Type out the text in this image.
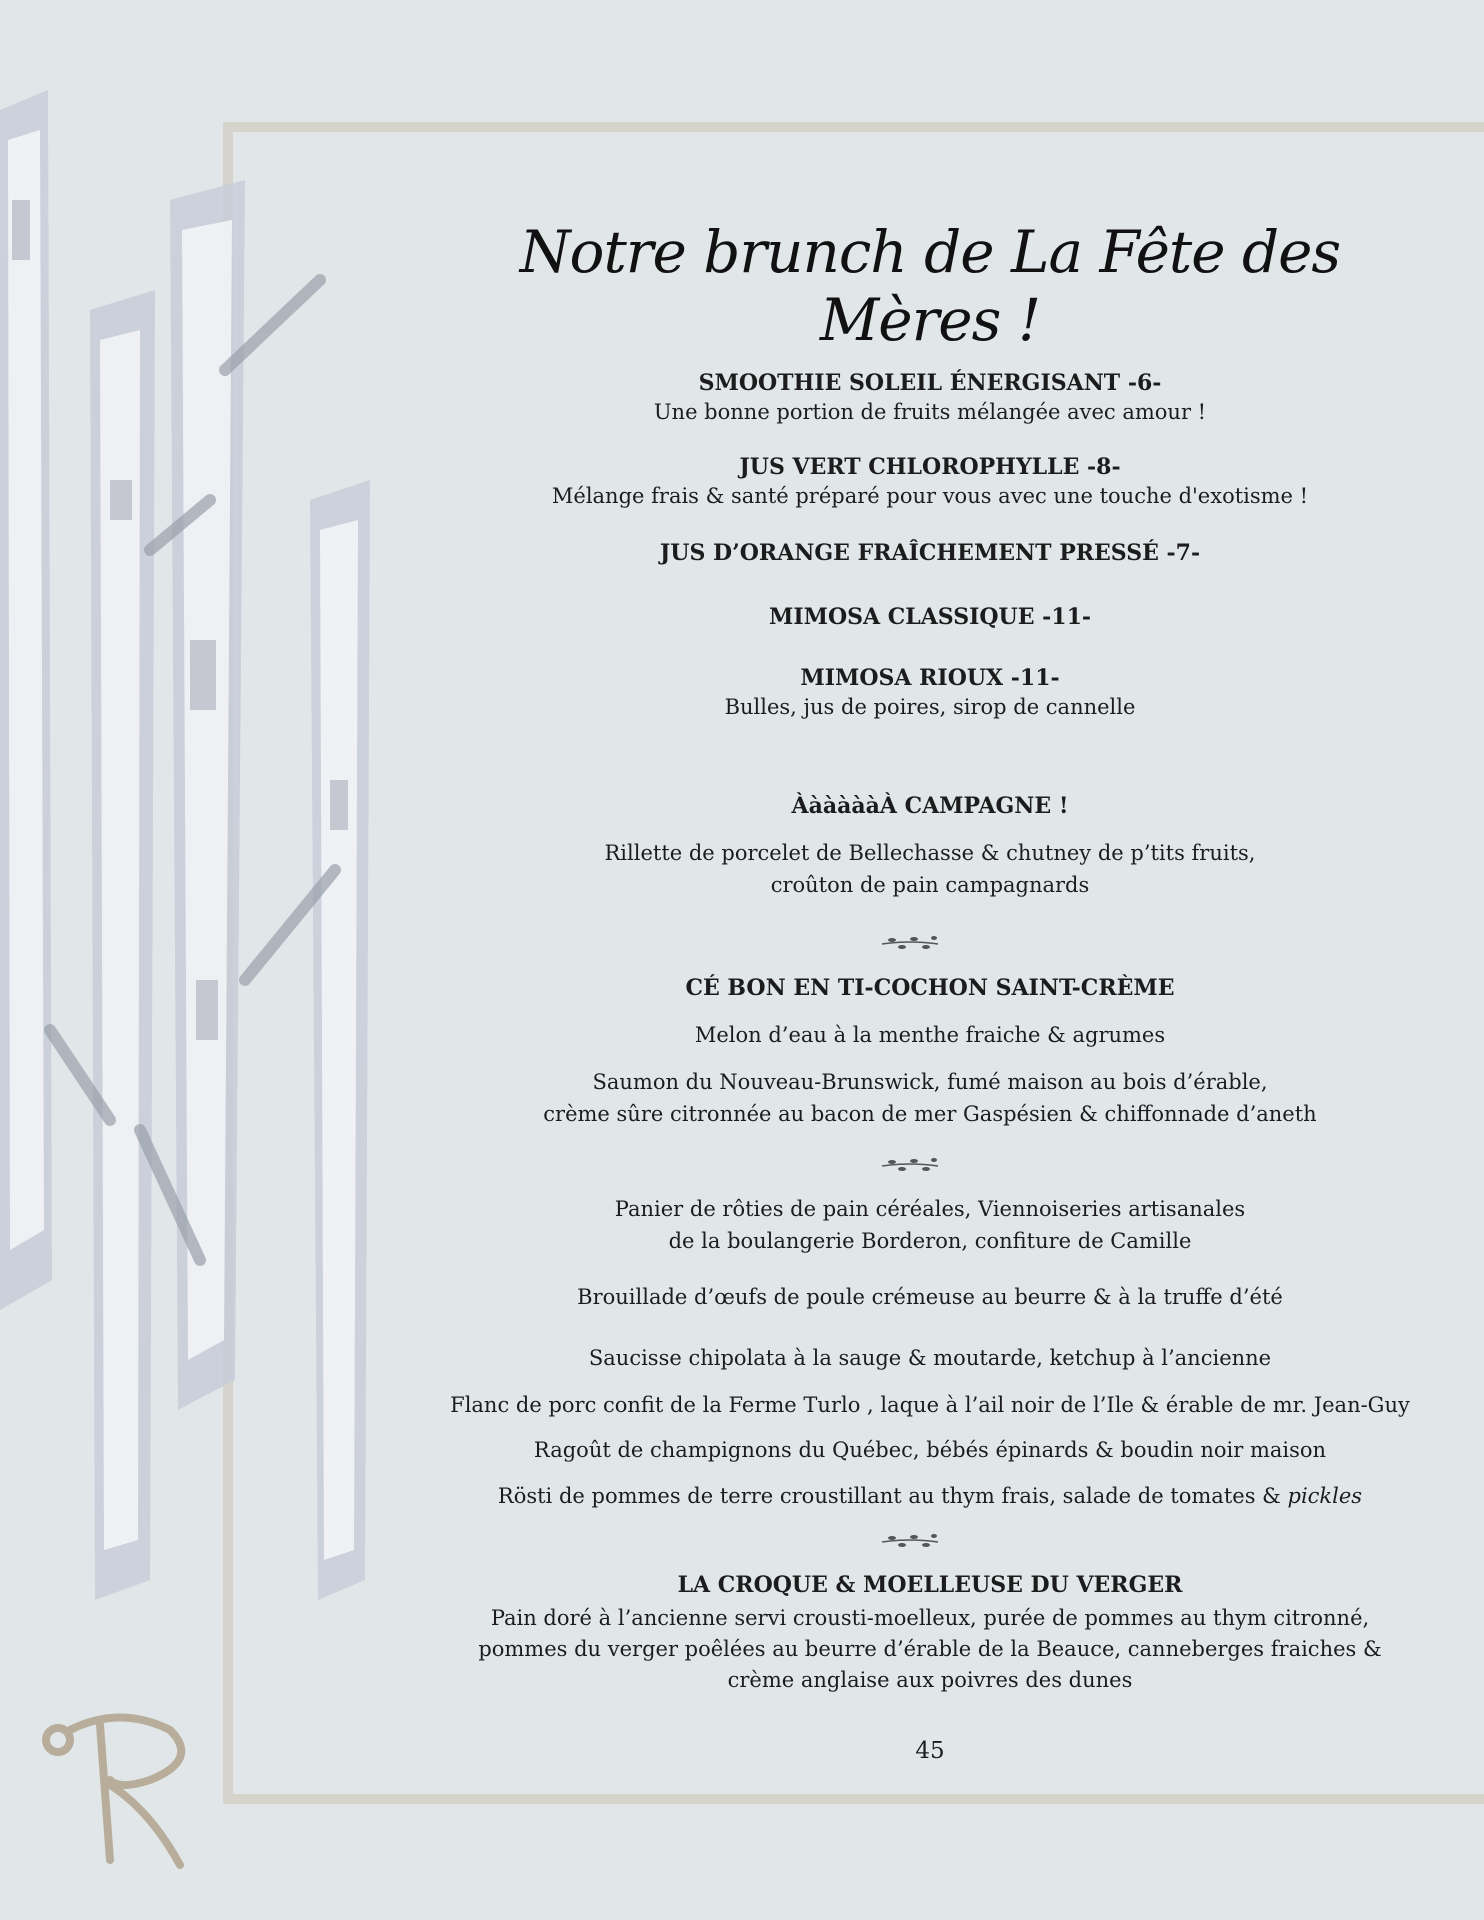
Notre brunch de La Fête des Mères !
SMOOTHIE SOLEIL ÉNERGISANT -6-
Une bonne portion de fruits mélangée avec amour !
JUS VERT CHLOROPHYLLE -8-
Mélange frais & santé préparé pour vous avec une touche d'exotisme !
JUS D’ORANGE FRAÎCHEMENT PRESSÉ -7-
MIMOSA CLASSIQUE -11-
MIMOSA RIOUX -11-
Bulles, jus de poires, sirop de cannelle
ÀàààààÀ CAMPAGNE !
Rillette de porcelet de Bellechasse & chutney de p’tits fruits,
croûton de pain campagnards
CÉ BON EN TI-COCHON SAINT-CRÈME
Melon d’eau à la menthe fraiche & agrumes
Saumon du Nouveau-Brunswick, fumé maison au bois d’érable,
crème sûre citronnée au bacon de mer Gaspésien & chiffonnade d’aneth
Panier de rôties de pain céréales, Viennoiseries artisanales
de la boulangerie Borderon, confiture de Camille
Brouillade d’œufs de poule crémeuse au beurre & à la truffe d’été
Saucisse chipolata à la sauge & moutarde, ketchup à l’ancienne
Flanc de porc confit de la Ferme Turlo , laque à l’ail noir de l’Ile & érable de mr. Jean-Guy
Ragoût de champignons du Québec, bébés épinards & boudin noir maison
Rösti de pommes de terre croustillant au thym frais, salade de tomates & pickles
LA CROQUE & MOELLEUSE DU VERGER
Pain doré à l’ancienne servi crousti-moelleux, purée de pommes au thym citronné,
pommes du verger poêlées au beurre d’érable de la Beauce, canneberges fraiches &
crème anglaise aux poivres des dunes
45
